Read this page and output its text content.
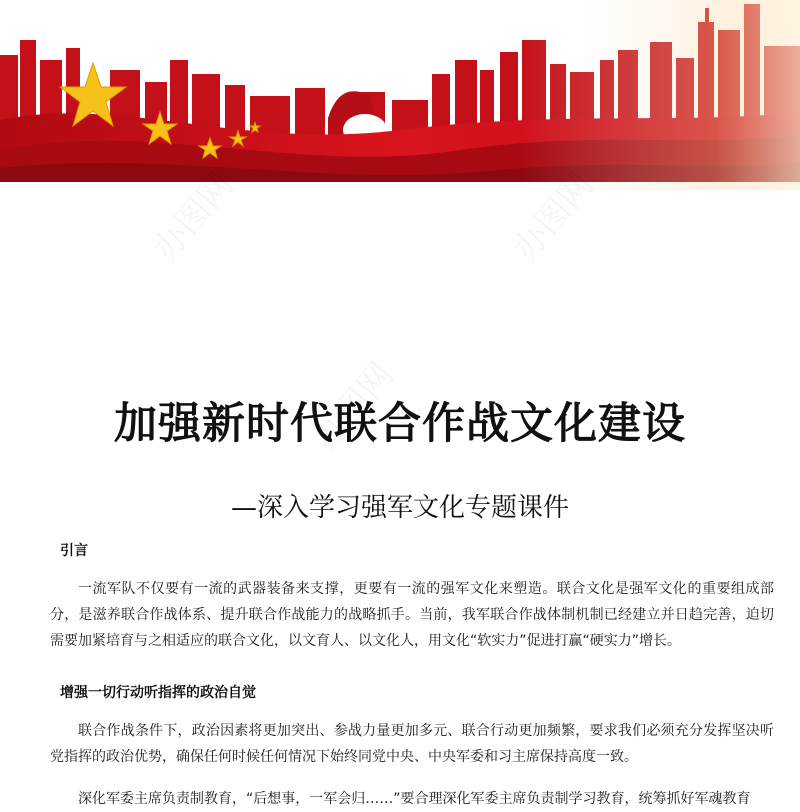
加强新时代联合作战文化建设
—深入学习强军文化专题课件
引言
一流军队不仅要有一流的武器装备来支撑，更要有一流的强军文化来塑造。联合文化是强军文化的重要组成部分，是滋养联合作战体系、提升联合作战能力的战略抓手。当前，我军联合作战体制机制已经建立并日趋完善，迫切需要加紧培育与之相适应的联合文化，以文育人、以文化人，用文化“软实力”促进打赢“硬实力”增长。
增强一切行动听指挥的政治自觉
联合作战条件下，政治因素将更加突出、参战力量更加多元、联合行动更加频繁，要求我们必须充分发挥坚决听党指挥的政治优势，确保任何时候任何情况下始终同党中央、中央军委和习主席保持高度一致。
深化军委主席负责制教育，“后想事，一军会归……”要合理深化军委主席负责制学习教育，统筹抓好军魂教育
